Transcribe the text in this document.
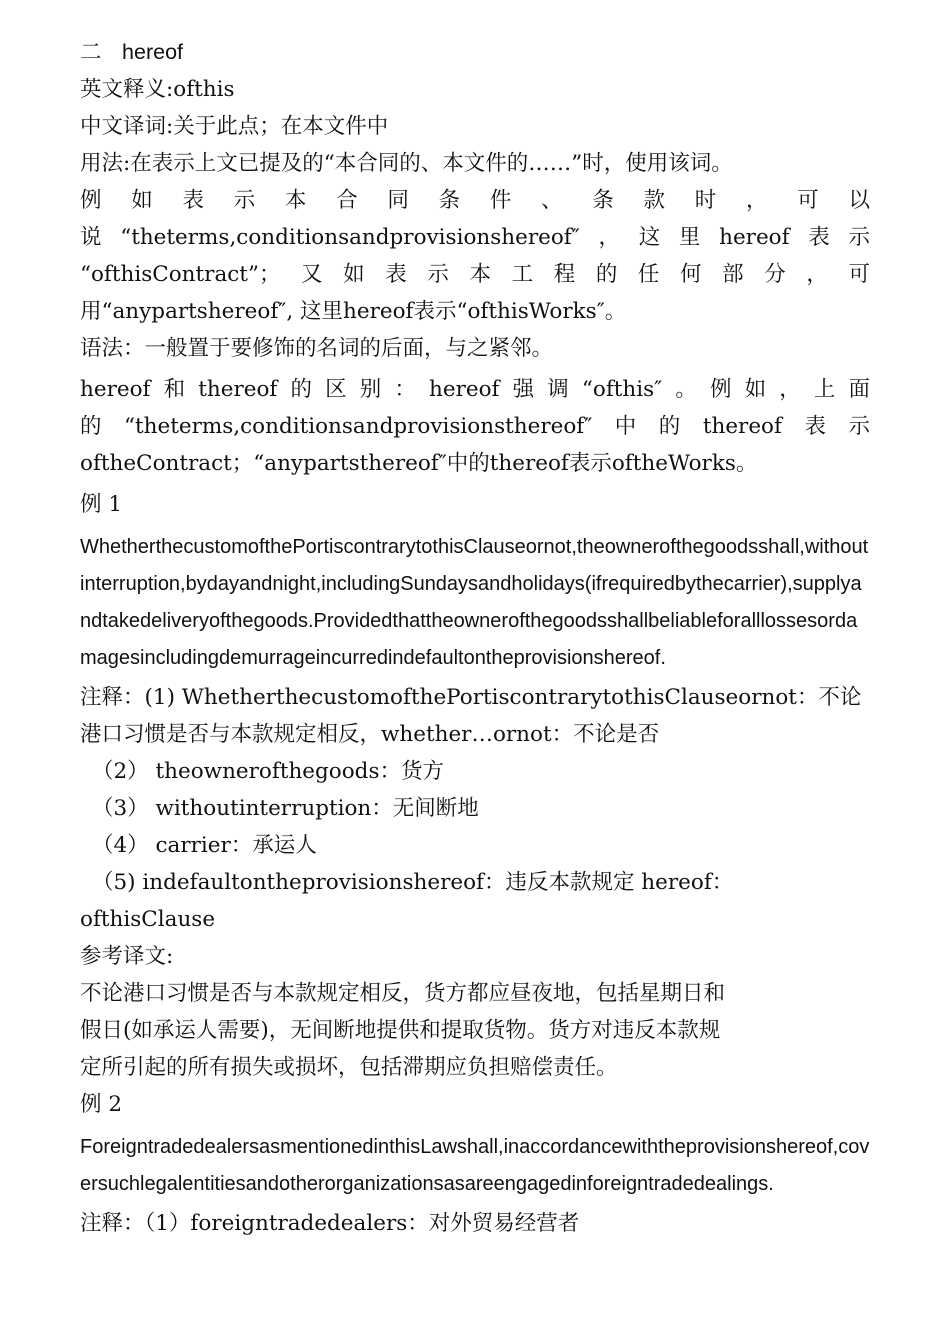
二 hereof

英文释义:ofthis

中文译词:关于此点；在本文件中

用法:在表示上文已提及的“本合同的、本文件的……”时，使用该词。

例如表示本合同条件、条款时，可以

说“theterms,conditionsandprovisionshereof″，这里hereof表示

“ofthisContract”；又如表示本工程的任何部分，可

用“anypartshereof″, 这里hereof表示“ofthisWorks″。

语法：一般置于要修饰的名词的后面，与之紧邻。

hereof和thereof的区别：hereof强调“ofthis″。例如，上面

的“theterms,conditionsandprovisionsthereof″中的thereof表示

oftheContract；“anypartsthereof″中的thereof表示oftheWorks。

例 1

WhetherthecustomofthePortiscontrarytothisClauseornot,theownerofthegoodsshall,withoutinterruption,bydayandnight,includingSundaysandholidays(ifrequiredbythecarrier),supplyandtakedeliveryofthegoods.Providedthattheownerofthegoodsshallbeliableforalllossesordamagesincludingdemurrageincurredindefaultontheprovisionshereof.

注释：(1) WhetherthecustomofthePortiscontrarytothisClauseornot：不论

港口习惯是否与本款规定相反，whether…ornot：不论是否

（2） theownerofthegoods：货方

（3） withoutinterruption：无间断地

（4） carrier：承运人

（5) indefaultontheprovisionshereof：违反本款规定 hereof：

ofthisClause

参考译文:

不论港口习惯是否与本款规定相反，货方都应昼夜地，包括星期日和

假日(如承运人需要)，无间断地提供和提取货物。货方对违反本款规

定所引起的所有损失或损坏，包括滞期应负担赔偿责任。

例 2

ForeigntradedealersasmentionedinthisLawshall,inaccordancewiththeprovisionshereof,coversuchlegalentitiesandotherorganizationsasareengagedinforeigntradedealings.

注释：（1）foreigntradedealers：对外贸易经营者
